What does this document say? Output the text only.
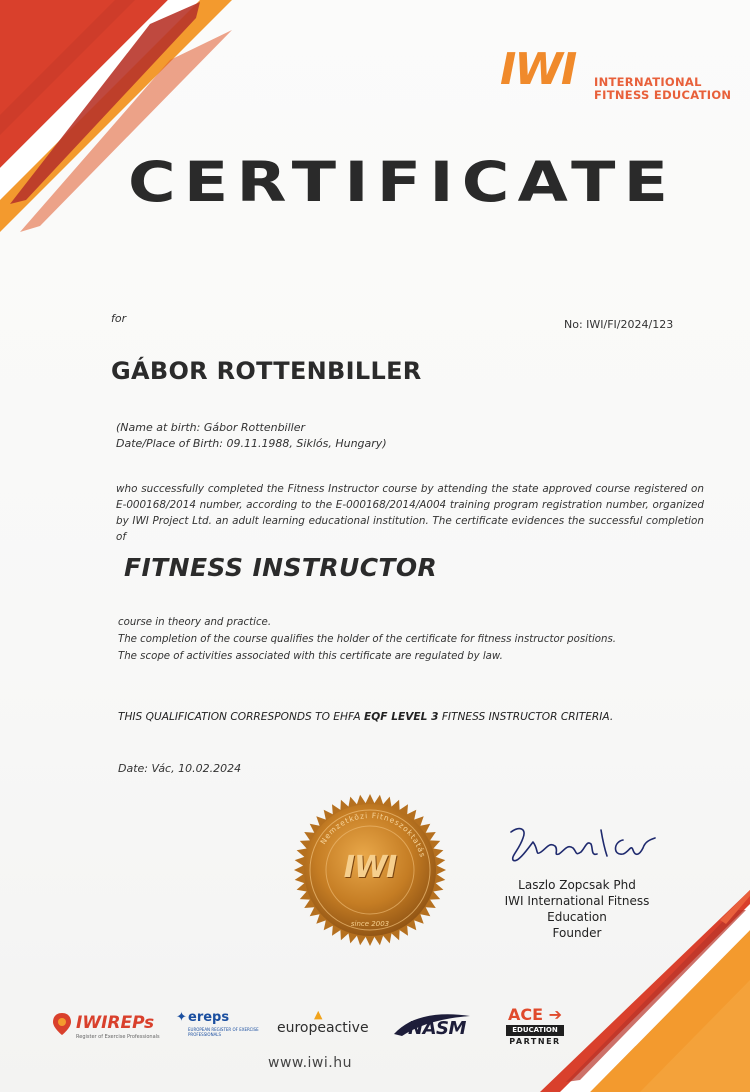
IWI INTERNATIONAL
FITNESS EDUCATION
CERTIFICATE
for	No: IWI/FI/2024/123
GÁBOR ROTTENBILLER
(Name at birth: Gábor Rottenbiller
Date/Place of Birth: 09.11.1988, Siklós, Hungary)
who successfully completed the Fitness Instructor course by attending the state approved course registered on E-000168/2014 number, according to the E-000168/2014/A004 training program registration number, organized by IWI Project Ltd. an adult learning educational institution. The certificate evidences the successful completion of
FITNESS INSTRUCTOR
course in theory and practice.
The completion of the course qualifies the holder of the certificate for fitness instructor positions.
The scope of activities associated with this certificate are regulated by law.
THIS QUALIFICATION CORRESPONDS TO EHFA EQF LEVEL 3 FITNESS INSTRUCTOR CRITERIA.
Date: Vác, 10.02.2024
Nemzetközi Fitneszoktatás
IWI
since 2003
Laszlo Zopcsak Phd
IWI International Fitness
Education
Founder
IWIREPs
Register of Exercise Professionals
✦ ereps
EUROPEAN REGISTER OF EXERCISE PROFESSIONALS
▲
europeactive NASM
ACE ➔
EDUCATION
PARTNER
www.iwi.hu
